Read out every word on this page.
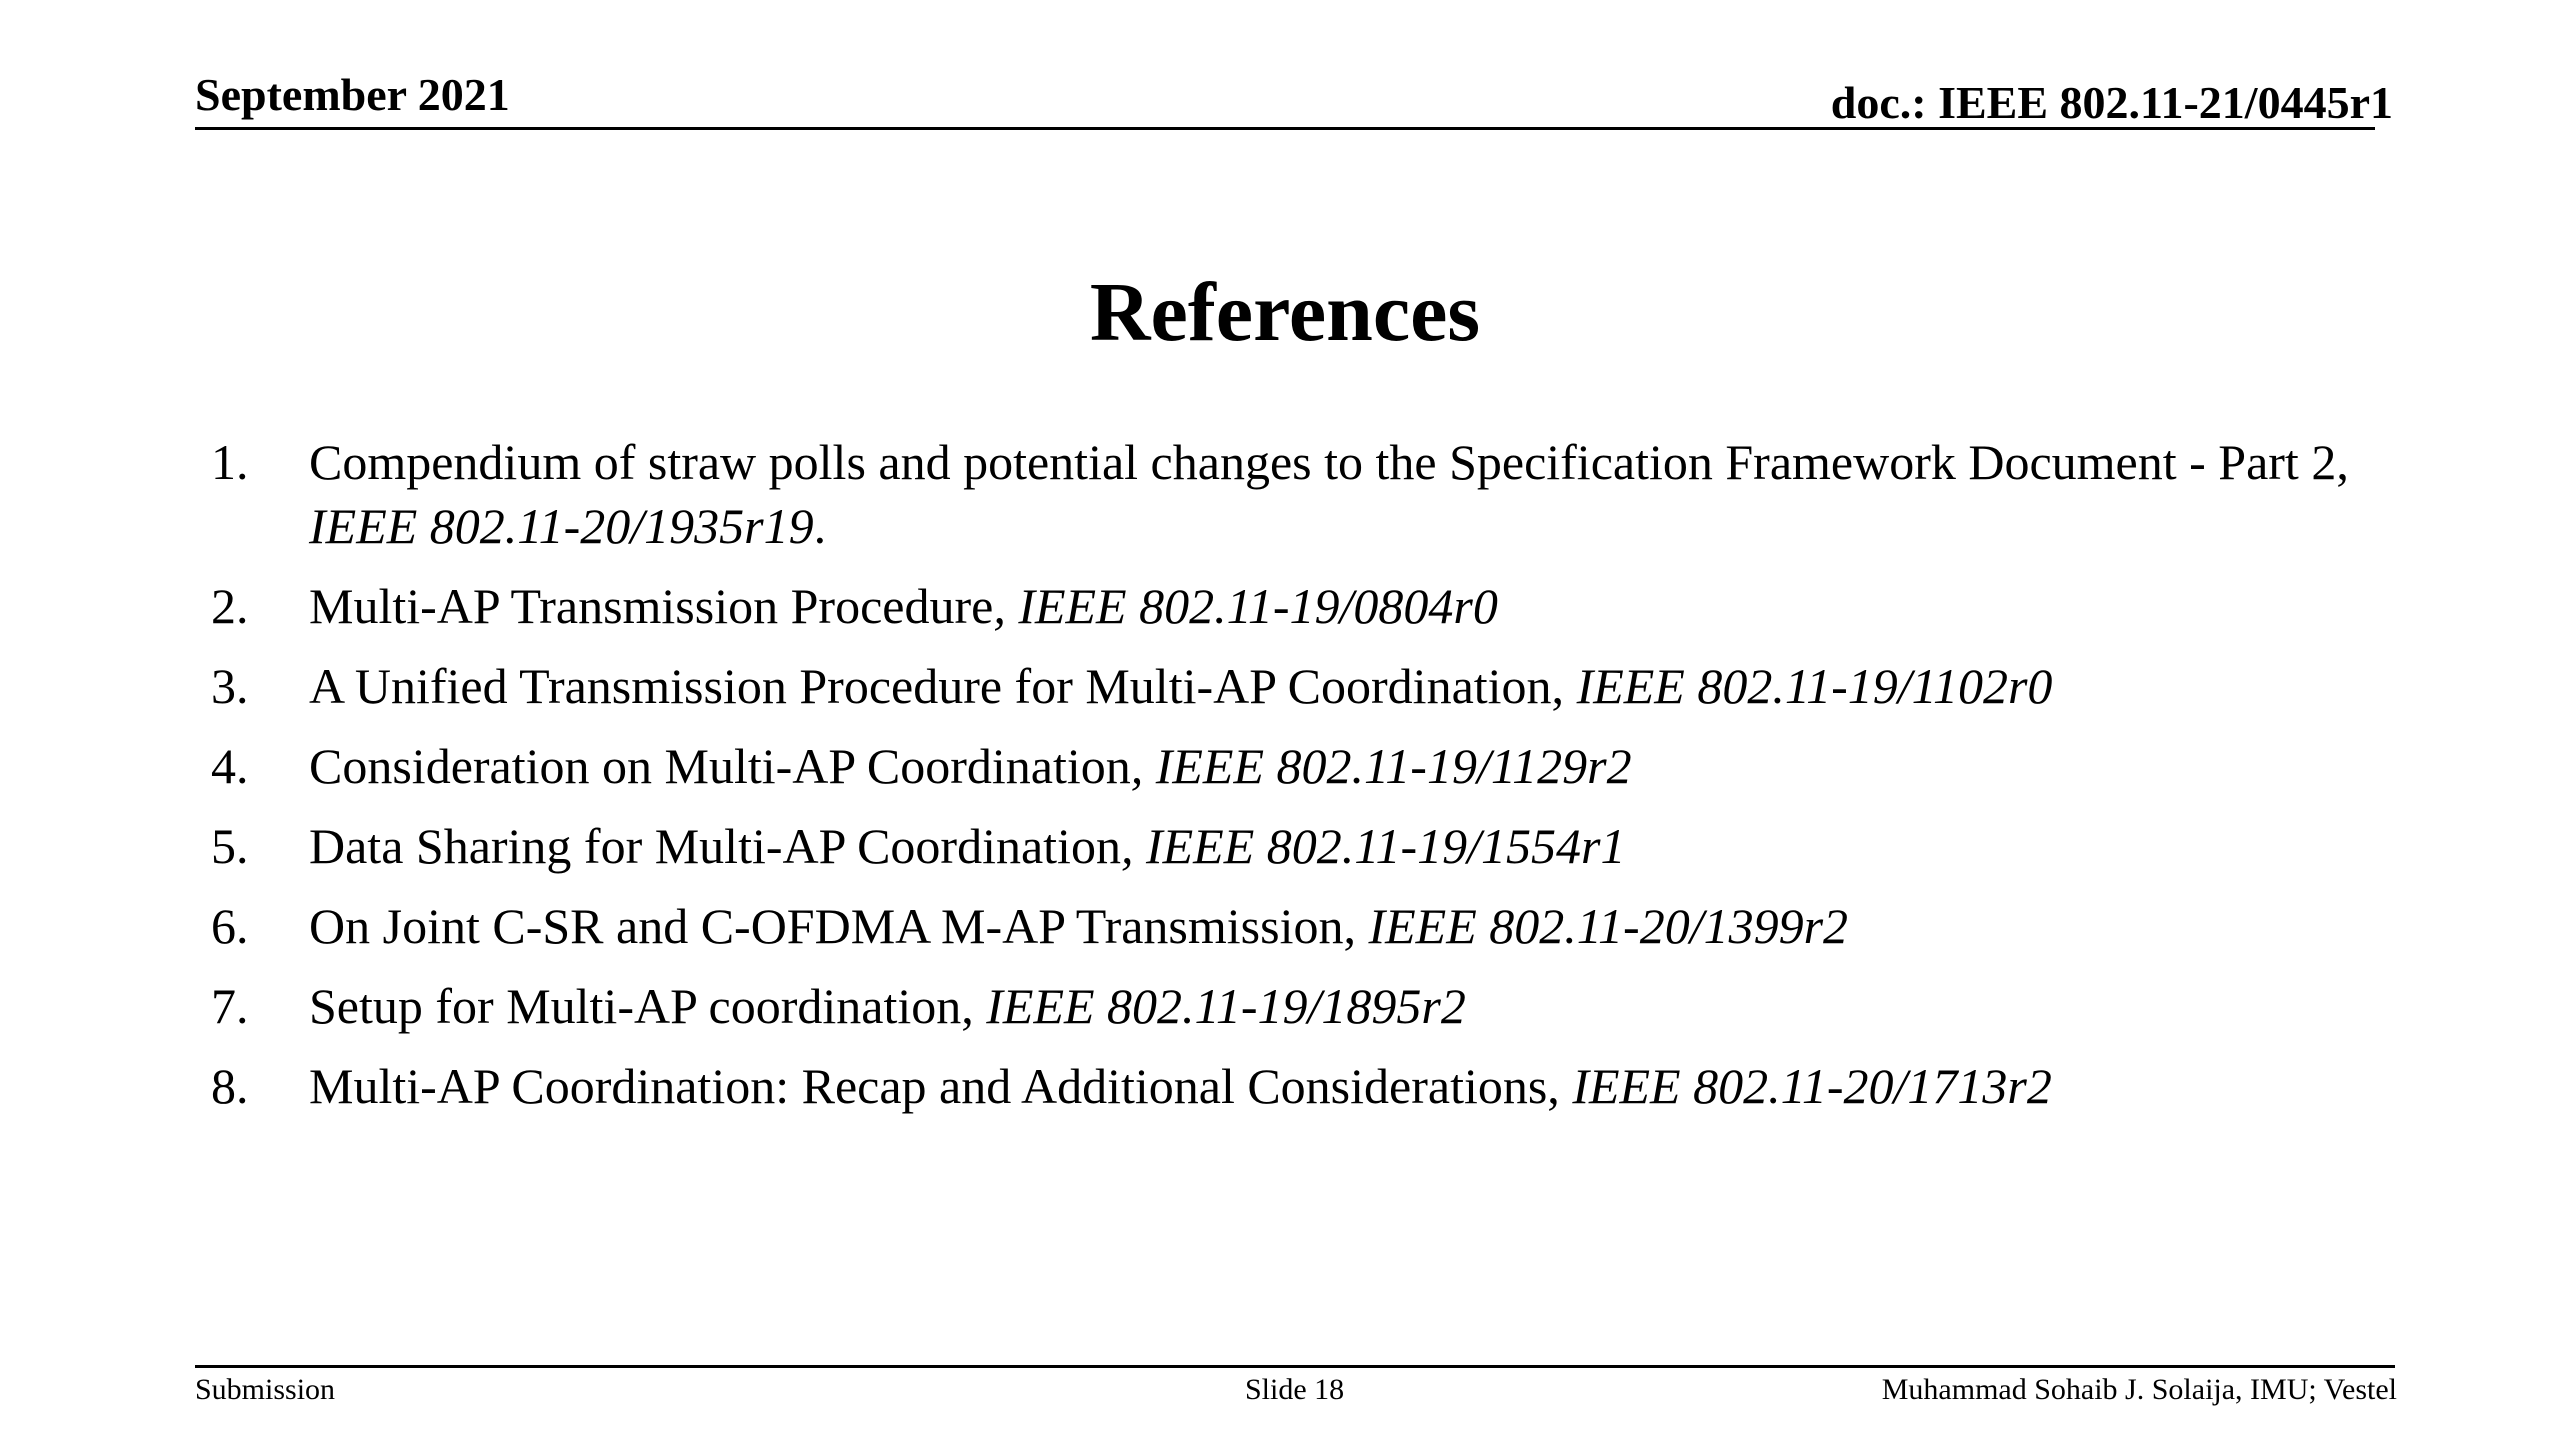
September 2021	doc.: IEEE 802.11-21/0445r1
References
1. Compendium of straw polls and potential changes to the Specification Framework Document - Part 2, IEEE 802.11-20/1935r19.
2. Multi-AP Transmission Procedure, IEEE 802.11-19/0804r0
3. A Unified Transmission Procedure for Multi-AP Coordination, IEEE 802.11-19/1102r0
4. Consideration on Multi-AP Coordination, IEEE 802.11-19/1129r2
5. Data Sharing for Multi-AP Coordination, IEEE 802.11-19/1554r1
6. On Joint C-SR and C-OFDMA M-AP Transmission, IEEE 802.11-20/1399r2
7. Setup for Multi-AP coordination, IEEE 802.11-19/1895r2
8. Multi-AP Coordination: Recap and Additional Considerations, IEEE 802.11-20/1713r2
Submission	Slide 18	Muhammad Sohaib J. Solaija, IMU; Vestel
